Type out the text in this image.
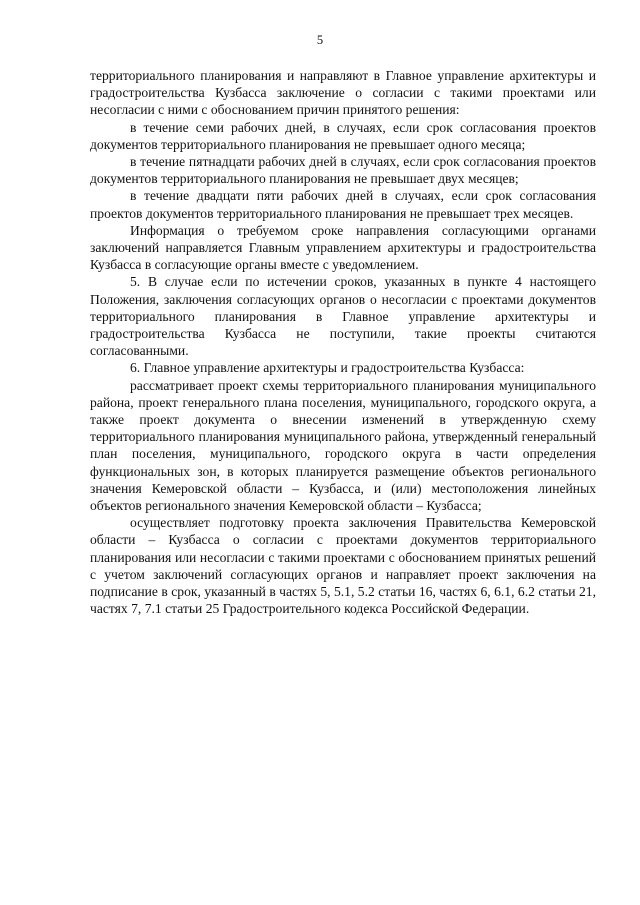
5

территориального планирования и направляют в Главное управление архитектуры и градостроительства Кузбасса заключение о согласии с такими проектами или несогласии с ними с обоснованием причин принятого решения:

в течение семи рабочих дней, в случаях, если срок согласования проектов документов территориального планирования не превышает одного месяца;

в течение пятнадцати рабочих дней в случаях, если срок согласования проектов документов территориального планирования не превышает двух месяцев;

в течение двадцати пяти рабочих дней в случаях, если срок согласования проектов документов территориального планирования не превышает трех месяцев.

Информация о требуемом сроке направления согласующими органами заключений направляется Главным управлением архитектуры и градостроительства Кузбасса в согласующие органы вместе с уведомлением.

5. В случае если по истечении сроков, указанных в пункте 4 настоящего Положения, заключения согласующих органов о несогласии с проектами документов территориального планирования в Главное управление архитектуры и градостроительства Кузбасса не поступили, такие проекты считаются согласованными.

6. Главное управление архитектуры и градостроительства Кузбасса:

рассматривает проект схемы территориального планирования муниципального района, проект генерального плана поселения, муниципального, городского округа, а также проект документа о внесении изменений в утвержденную схему территориального планирования муниципального района, утвержденный генеральный план поселения, муниципального, городского округа в части определения функциональных зон, в которых планируется размещение объектов регионального значения Кемеровской области – Кузбасса, и (или) местоположения линейных объектов регионального значения Кемеровской области – Кузбасса;

осуществляет подготовку проекта заключения Правительства Кемеровской области – Кузбасса о согласии с проектами документов территориального планирования или несогласии с такими проектами с обоснованием принятых решений с учетом заключений согласующих органов и направляет проект заключения на подписание в срок, указанный в частях 5, 5.1, 5.2 статьи 16, частях 6, 6.1, 6.2 статьи 21, частях 7, 7.1 статьи 25 Градостроительного кодекса Российской Федерации.
